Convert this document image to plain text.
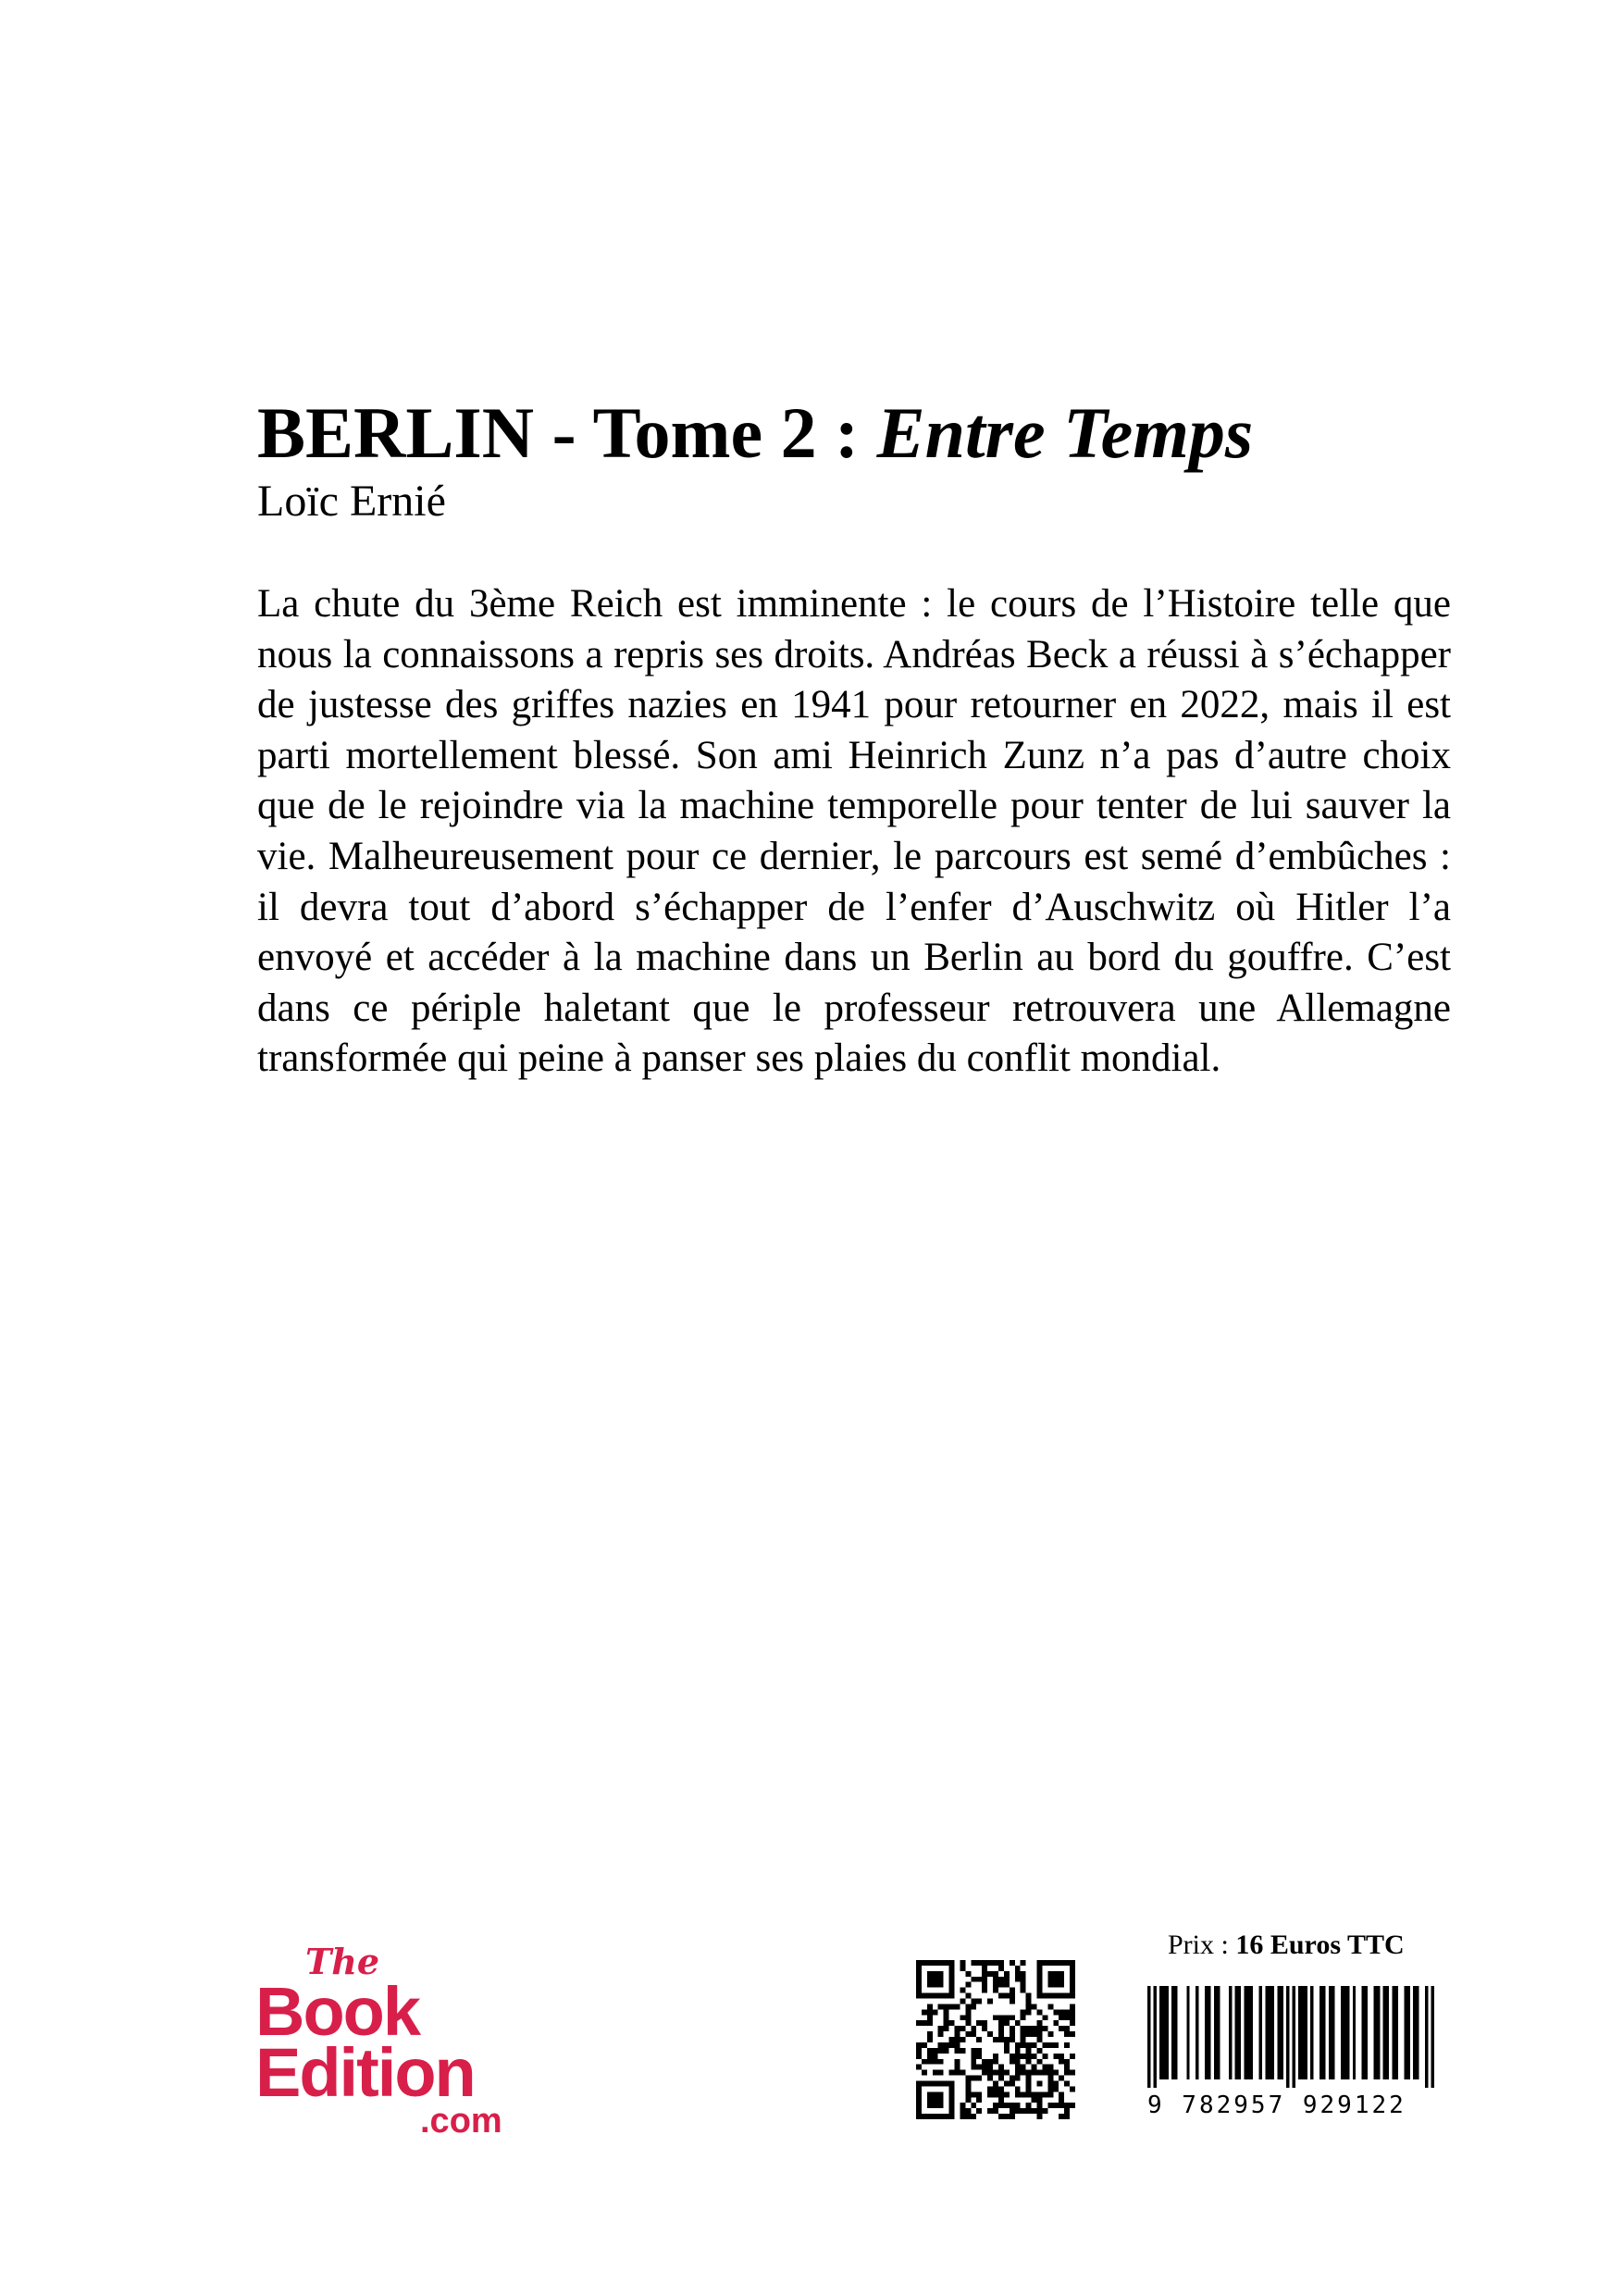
BERLIN - Tome 2 : Entre Temps
Loïc Ernié

La chute du 3ème Reich est imminente : le cours de l’Histoire telle que nous la connaissons a repris ses droits. Andréas Beck a réussi à s’échapper de justesse des griffes nazies en 1941 pour retourner en 2022, mais il est parti mortellement blessé. Son ami Heinrich Zunz n’a pas d’autre choix que de le rejoindre via la machine temporelle pour tenter de lui sauver la vie. Malheureusement pour ce dernier, le parcours est semé d’embûches : il devra tout d’abord s’échapper de l’enfer d’Auschwitz où Hitler l’a envoyé et accéder à la machine dans un Berlin au bord du gouffre. C’est dans ce périple haletant que le professeur retrouvera une Allemagne transformée qui peine à panser ses plaies du conflit mondial.

The
Book
Edition
.com
Prix : 16 Euros TTC
9 782957 929122
